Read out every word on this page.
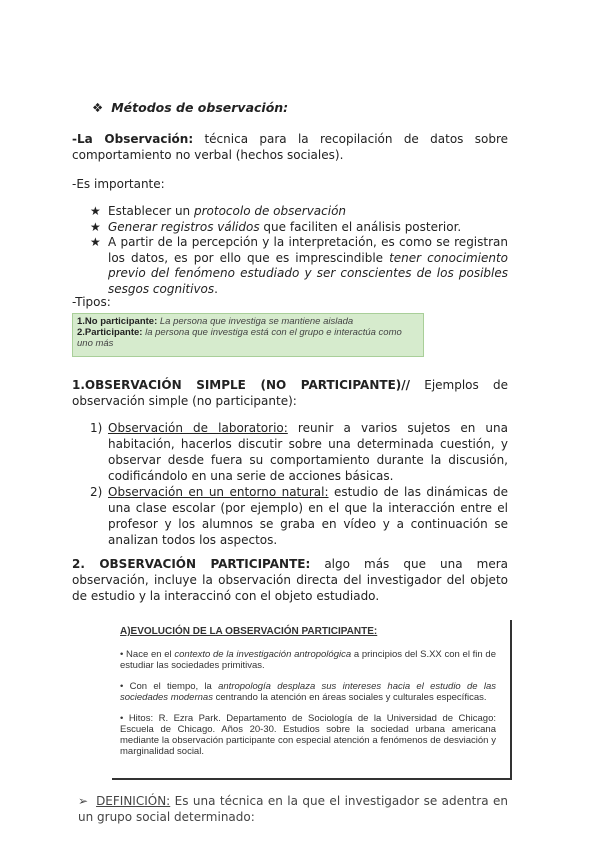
❖ Métodos de observación:
-La Observación: técnica para la recopilación de datos sobre comportamiento no verbal (hechos sociales).
-Es importante:
★ Establecer un protocolo de observación
★ Generar registros válidos que faciliten el análisis posterior.
★ A partir de la percepción y la interpretación, es como se registran los datos, es por ello que es imprescindible tener conocimiento previo del fenómeno estudiado y ser conscientes de los posibles sesgos cognitivos.
-Tipos:
1.No participante: La persona que investiga se mantiene aislada
2.Participante: la persona que investiga está con el grupo e interactúa como uno más
1.OBSERVACIÓN SIMPLE (NO PARTICIPANTE)// Ejemplos de observación simple (no participante):
1) Observación de laboratorio: reunir a varios sujetos en una habitación, hacerlos discutir sobre una determinada cuestión, y observar desde fuera su comportamiento durante la discusión, codificándolo en una serie de acciones básicas.
2) Observación en un entorno natural: estudio de las dinámicas de una clase escolar (por ejemplo) en el que la interacción entre el profesor y los alumnos se graba en vídeo y a continuación se analizan todos los aspectos.
2. OBSERVACIÓN PARTICIPANTE: algo más que una mera observación, incluye la observación directa del investigador del objeto de estudio y la interaccinó con el objeto estudiado.
A)EVOLUCIÓN DE LA OBSERVACIÓN PARTICIPANTE:

• Nace en el contexto de la investigación antropológica a principios del S.XX con el fin de estudiar las sociedades primitivas.

• Con el tiempo, la antropología desplaza sus intereses hacia el estudio de las sociedades modernas centrando la atención en áreas sociales y culturales específicas.

• Hitos: R. Ezra Park. Departamento de Sociología de la Universidad de Chicago: Escuela de Chicago. Años 20-30. Estudios sobre la sociedad urbana americana mediante la observación participante con especial atención a fenómenos de desviación y marginalidad social.

➢ DEFINICIÓN: Es una técnica en la que el investigador se adentra en un grupo social determinado:
